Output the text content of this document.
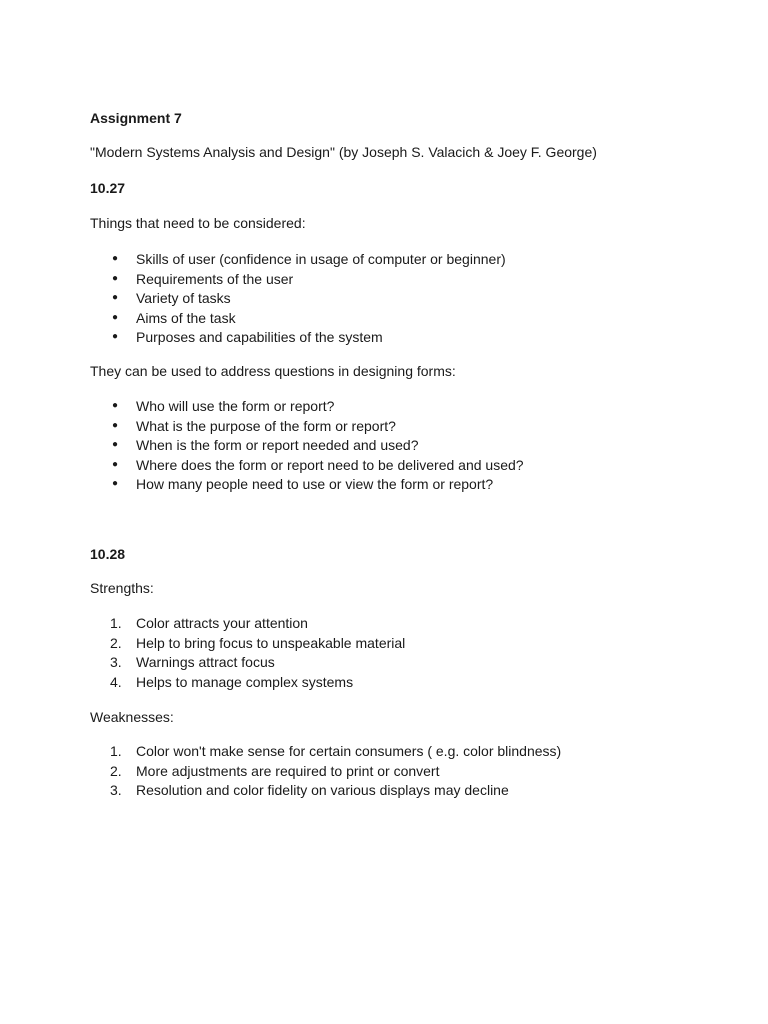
Assignment 7
"Modern Systems Analysis and Design" (by Joseph S. Valacich & Joey F. George)
10.27
Things that need to be considered:
● Skills of user (confidence in usage of computer or beginner)
● Requirements of the user
● Variety of tasks
● Aims of the task
● Purposes and capabilities of the system
They can be used to address questions in designing forms:
● Who will use the form or report?
● What is the purpose of the form or report?
● When is the form or report needed and used?
● Where does the form or report need to be delivered and used?
● How many people need to use or view the form or report?
10.28
Strengths:
1.	Color attracts your attention
2.	Help to bring focus to unspeakable material
3.	Warnings attract focus
4.	Helps to manage complex systems
Weaknesses:
1.	Color won't make sense for certain consumers ( e.g. color blindness)
2.	More adjustments are required to print or convert
3.	Resolution and color fidelity on various displays may decline
